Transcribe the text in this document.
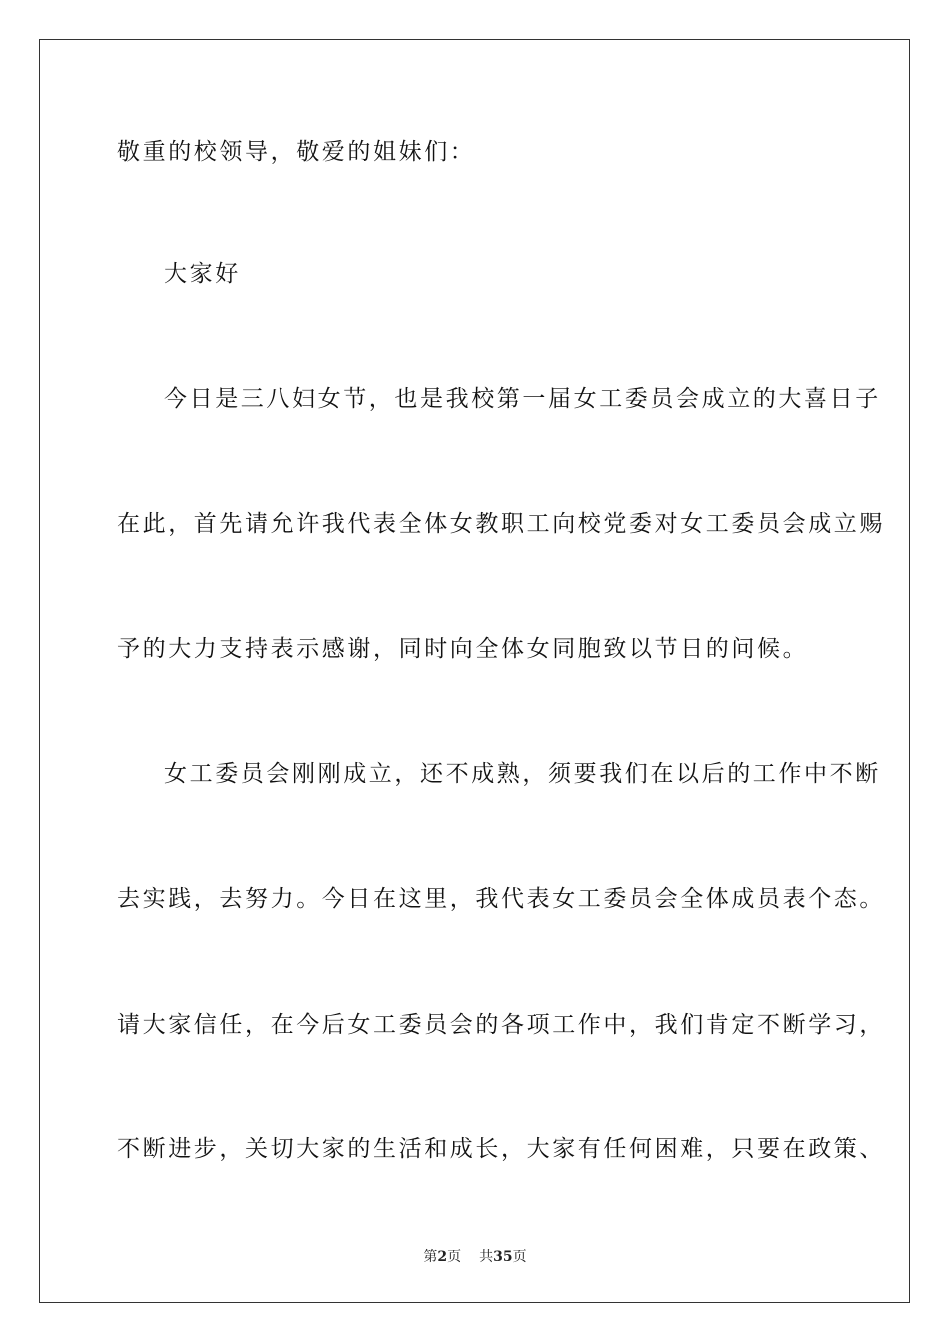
敬重的校领导，敬爱的姐妹们：
大家好
今日是三八妇女节，也是我校第一届女工委员会成立的大喜日子
在此，首先请允许我代表全体女教职工向校党委对女工委员会成立赐
予的大力支持表示感谢，同时向全体女同胞致以节日的问候。
女工委员会刚刚成立，还不成熟，须要我们在以后的工作中不断
去实践，去努力。今日在这里，我代表女工委员会全体成员表个态。
请大家信任，在今后女工委员会的各项工作中，我们肯定不断学习，
不断进步，关切大家的生活和成长，大家有任何困难，只要在政策、
第2页 共35页
